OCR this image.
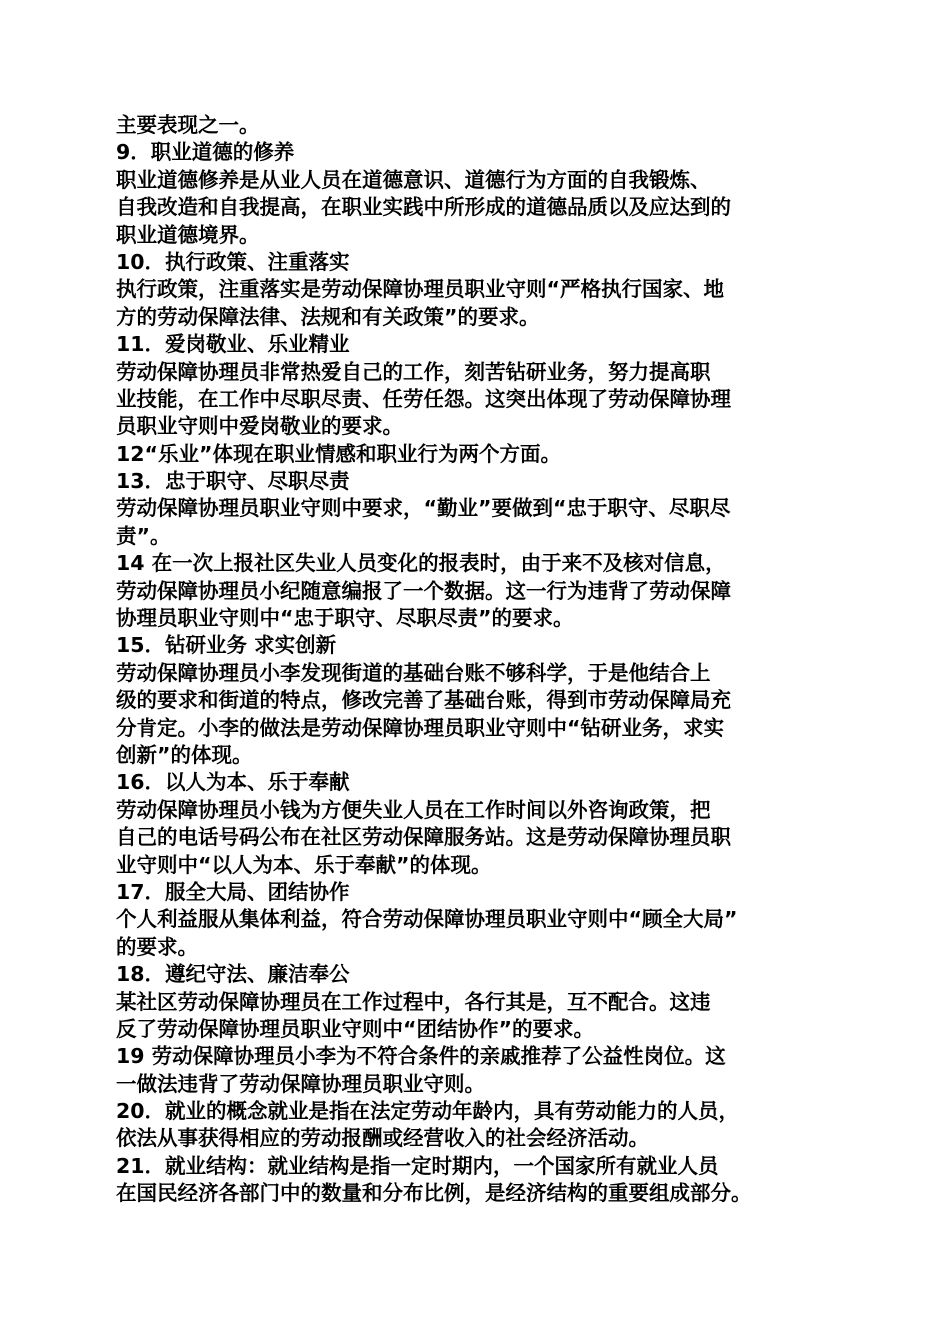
主要表现之一。
9．职业道德的修养
职业道德修养是从业人员在道德意识、道德行为方面的自我锻炼、
自我改造和自我提高，在职业实践中所形成的道德品质以及应达到的
职业道德境界。
10．执行政策、注重落实
执行政策，注重落实是劳动保障协理员职业守则“严格执行国家、地
方的劳动保障法律、法规和有关政策”的要求。
11．爱岗敬业、乐业精业
劳动保障协理员非常热爱自己的工作，刻苦钻研业务，努力提高职
业技能，在工作中尽职尽责、任劳任怨。这突出体现了劳动保障协理
员职业守则中爱岗敬业的要求。
12“乐业”体现在职业情感和职业行为两个方面。
13．忠于职守、尽职尽责
劳动保障协理员职业守则中要求，“勤业”要做到“忠于职守、尽职尽
责”。
14 在一次上报社区失业人员变化的报表时，由于来不及核对信息，
劳动保障协理员小纪随意编报了一个数据。这一行为违背了劳动保障
协理员职业守则中“忠于职守、尽职尽责”的要求。
15．钻研业务 求实创新
劳动保障协理员小李发现街道的基础台账不够科学，于是他结合上
级的要求和街道的特点，修改完善了基础台账，得到市劳动保障局充
分肯定。小李的做法是劳动保障协理员职业守则中“钻研业务，求实
创新”的体现。
16．以人为本、乐于奉献
劳动保障协理员小钱为方便失业人员在工作时间以外咨询政策，把
自己的电话号码公布在社区劳动保障服务站。这是劳动保障协理员职
业守则中“以人为本、乐于奉献”的体现。
17．服全大局、团结协作
个人利益服从集体利益，符合劳动保障协理员职业守则中“顾全大局”
的要求。
18．遵纪守法、廉洁奉公
某社区劳动保障协理员在工作过程中，各行其是，互不配合。这违
反了劳动保障协理员职业守则中“团结协作”的要求。
19 劳动保障协理员小李为不符合条件的亲戚推荐了公益性岗位。这
一做法违背了劳动保障协理员职业守则。
20．就业的概念就业是指在法定劳动年龄内，具有劳动能力的人员，
依法从事获得相应的劳动报酬或经营收入的社会经济活动。
21．就业结构：就业结构是指一定时期内，一个国家所有就业人员
在国民经济各部门中的数量和分布比例，是经济结构的重要组成部分。
